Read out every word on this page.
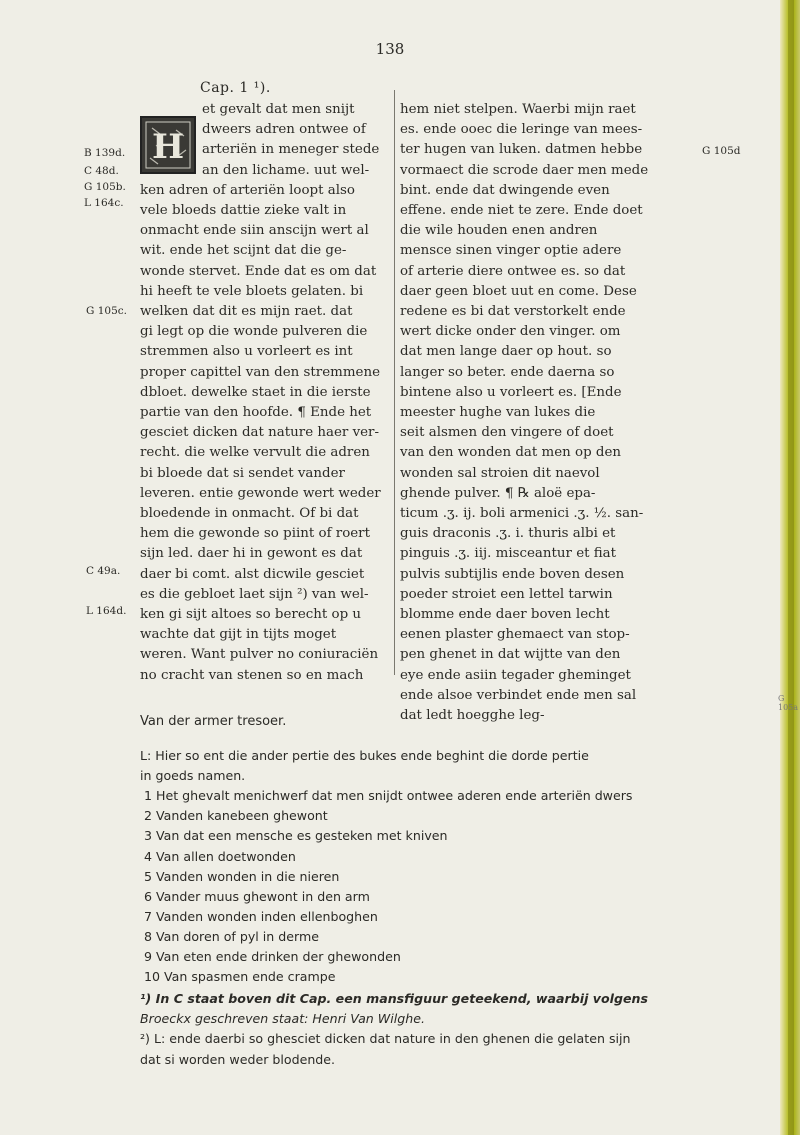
138
Cap. 1 ¹).
B 139d.
C 48d.
G 105b.
L 164c.
G 105c.
C 49a.
L 164d.
G 105d
G 105a
H

et gevalt dat men snijt

dweers adren ontwee of

arteriën in meneger stede

an den lichame. uut wel-

ken adren of arteriën loopt also

vele bloeds dattie zieke valt in

onmacht ende siin anscijn wert al

wit. ende het scijnt dat die ge-

wonde stervet. Ende dat es om dat

hi heeft te vele bloets gelaten. bi

welken dat dit es mijn raet. dat

gi legt op die wonde pulveren die

stremmen also u vorleert es int

proper capittel van den stremmene

dbloet. dewelke staet in die ierste

partie van den hoofde. ¶ Ende het

gesciet dicken dat nature haer ver-

recht. die welke vervult die adren

bi bloede dat si sendet vander

leveren. entie gewonde wert weder

bloedende in onmacht. Of bi dat

hem die gewonde so piint of roert

sijn led. daer hi in gewont es dat

daer bi comt. alst dicwile gesciet

es die gebloet laet sijn ²) van wel-

ken gi sijt altoes so berecht op u

wachte dat gijt in tijts moget

weren. Want pulver no coniuraciën

no cracht van stenen so en mach

hem niet stelpen. Waerbi mijn raet

es. ende ooec die leringe van mees-

ter hugen van luken. datmen hebbe

vormaect die scrode daer men mede

bint. ende dat dwingende even

effene. ende niet te zere. Ende doet

die wile houden enen andren

mensce sinen vinger optie adere

of arterie diere ontwee es. so dat

daer geen bloet uut en come. Dese

redene es bi dat verstorkelt ende

wert dicke onder den vinger. om

dat men lange daer op hout. so

langer so beter. ende daerna so

bintene also u vorleert es. [Ende

meester hughe van lukes die

seit alsmen den vingere of doet

van den wonden dat men op den

wonden sal stroien dit naevol

ghende pulver. ¶ ℞ aloë epa-

ticum .ʒ. ij. boli armenici .ʒ. ½. san-

guis draconis .ʒ. i. thuris albi et

pinguis .ʒ. iij. misceantur et fiat

pulvis subtijlis ende boven desen

poeder stroiet een lettel tarwin

blomme ende daer boven lecht

eenen plaster ghemaect van stop-

pen ghenet in dat wijtte van den

eye ende asiin tegader gheminget

ende alsoe verbindet ende men sal

dat ledt hoegghe leg-

Van der armer tresoer.

L: Hier so ent die ander pertie des bukes ende beghint die dorde pertie

in goeds namen.

1 Het ghevalt menichwerf dat men snijdt ontwee aderen ende arteriën dwers

2 Vanden kanebeen ghewont

3 Van dat een mensche es gesteken met kniven

4 Van allen doetwonden

5 Vanden wonden in die nieren

6 Vander muus ghewont in den arm

7 Vanden wonden inden ellenboghen

8 Van doren of pyl in derme

9 Van eten ende drinken der ghewonden

10 Van spasmen ende crampe

¹) In C staat boven dit Cap. een mansfiguur geteekend, waarbij volgens

Broeckx geschreven staat: Henri Van Wilghe.

²) L: ende daerbi so ghesciet dicken dat nature in den ghenen die gelaten sijn

dat si worden weder blodende.
